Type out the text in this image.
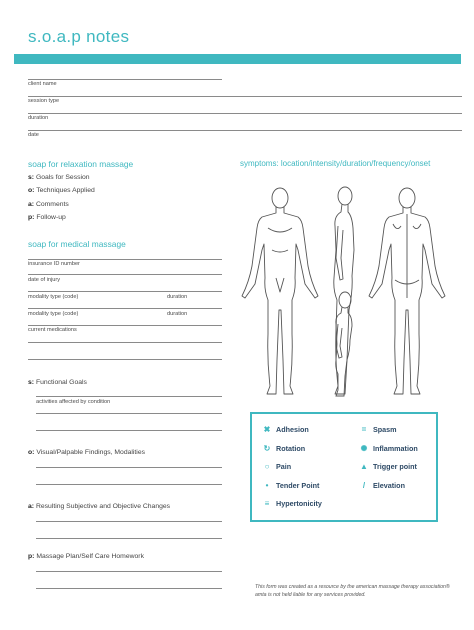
s.o.a.p notes
client name
session type
duration
date
soap for relaxation massage
s: Goals for Session
o: Techniques Applied
a: Comments
p: Follow-up
soap for medical massage
insurance ID number
date of injury
modality type (code)	duration
modality type (code)	duration
current medications
s: Functional Goals
activities affected by condition
o: Visual/Palpable Findings, Modalities
a: Resulting Subjective and Objective Changes
p: Massage Plan/Self Care Homework
symptoms: location/intensity/duration/frequency/onset
✖ Adhesion	= Spasm
↻ Rotation	✺ Inflammation
○ Pain	▲ Trigger point
•	Tender Point	/	Elevation
≡ Hypertonicity
This form was created as a resource by the american massage therapy association®
amta is not held liable for any services provided.
